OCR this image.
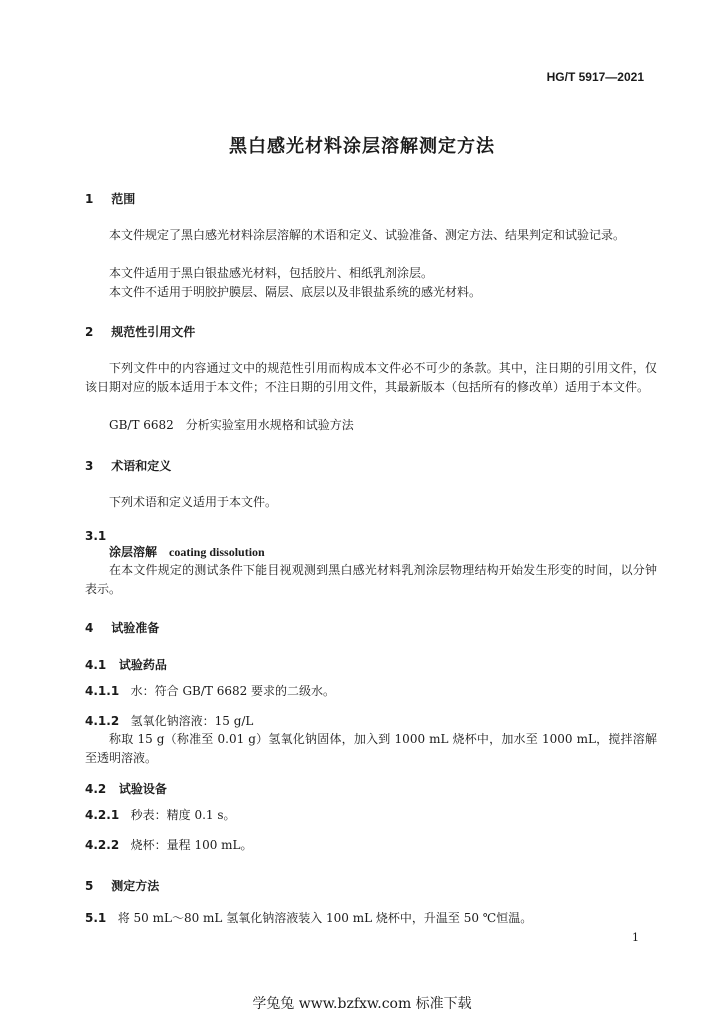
HG/T 5917—2021
黑白感光材料涂层溶解测定方法
1 范围
本文件规定了黑白感光材料涂层溶解的术语和定义、试验准备、测定方法、结果判定和试验记录。
本文件适用于黑白银盐感光材料，包括胶片、相纸乳剂涂层。
本文件不适用于明胶护膜层、隔层、底层以及非银盐系统的感光材料。
2 规范性引用文件
下列文件中的内容通过文中的规范性引用而构成本文件必不可少的条款。其中，注日期的引用文件，仅该日期对应的版本适用于本文件；不注日期的引用文件，其最新版本（包括所有的修改单）适用于本文件。
GB/T 6682　分析实验室用水规格和试验方法
3 术语和定义
下列术语和定义适用于本文件。
3.1
涂层溶解 coating dissolution
在本文件规定的测试条件下能目视观测到黑白感光材料乳剂涂层物理结构开始发生形变的时间，以分钟表示。
4 试验准备
4.1 试验药品
4.1.1 水：符合 GB/T 6682 要求的二级水。
4.1.2 氢氧化钠溶液：15 g/L
称取 15 g（称准至 0.01 g）氢氧化钠固体，加入到 1000 mL 烧杯中，加水至 1000 mL，搅拌溶解至透明溶液。
4.2 试验设备
4.2.1 秒表：精度 0.1 s。
4.2.2 烧杯：量程 100 mL。
5 测定方法
5.1 将 50 mL～80 mL 氢氧化钠溶液装入 100 mL 烧杯中，升温至 50 ℃恒温。
1
学兔兔 www.bzfxw.com 标准下载
